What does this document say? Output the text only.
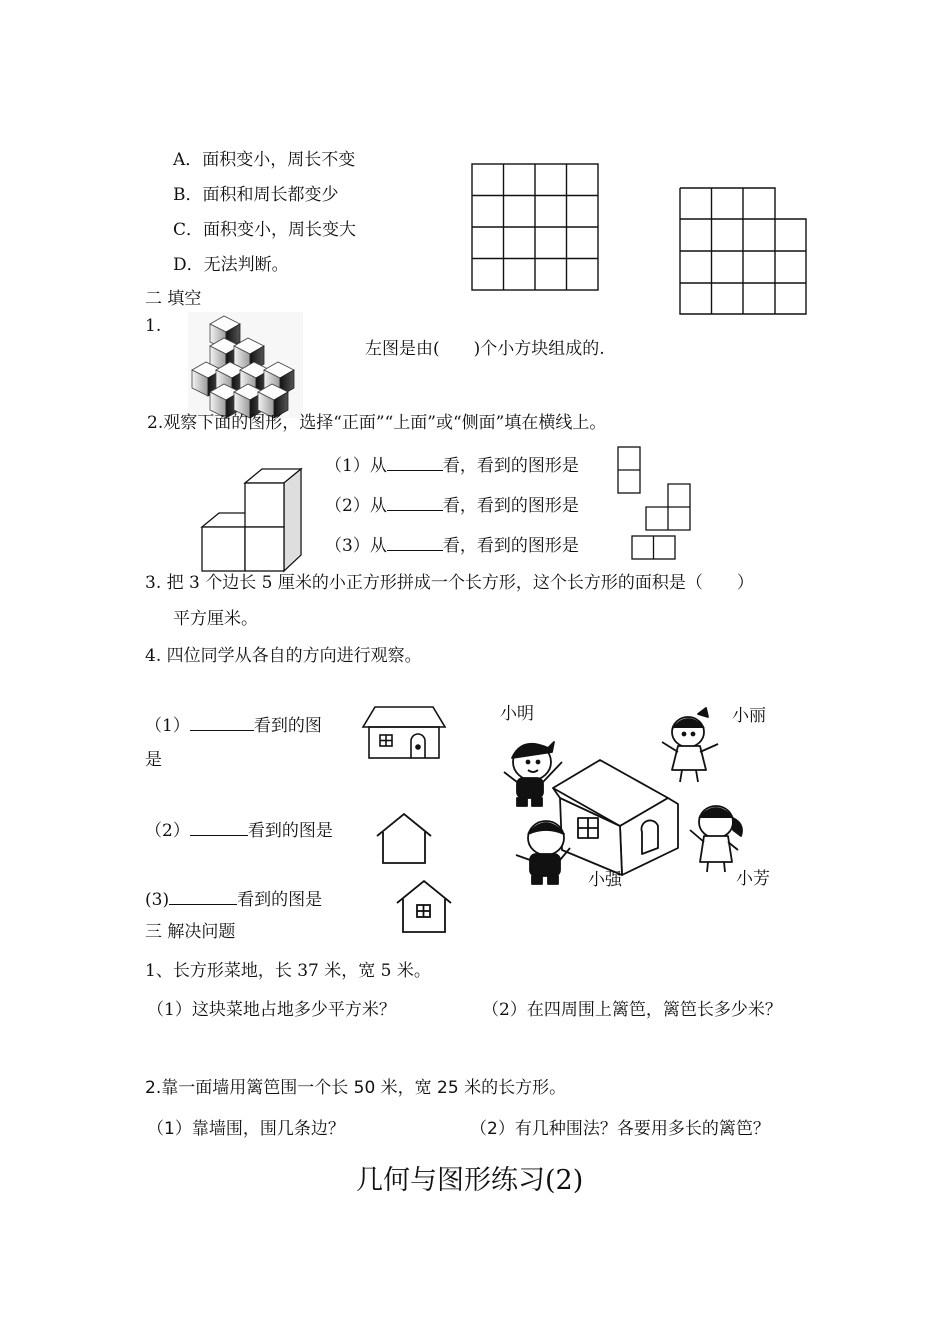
A．面积变小，周长不变
B．面积和周长都变少
C．面积变小，周长变大
D．无法判断。
二 填空
1.
左图是由(　　)个小方块组成的.
2.观察下面的图形，选择“正面”“上面”或“侧面”填在横线上。
（1）从	看，看到的图形是
（2）从	看，看到的图形是
（3）从	看，看到的图形是
3. 把 3 个边长 5 厘米的小正方形拼成一个长方形，这个长方形的面积是（　　）
平方厘米。
4. 四位同学从各自的方向进行观察。
（1）	看到的图
是
（2）	看到的图是
(3)	看到的图是
小明	小丽
小强	小芳
三 解决问题
1、长方形菜地，长 37 米，宽 5 米。
（1）这块菜地占地多少平方米？	（2）在四周围上篱笆，篱笆长多少米？
2.靠一面墙用篱笆围一个长 50 米，宽 25 米的长方形。
（1）靠墙围，围几条边？	（2）有几种围法？各要用多长的篱笆？
几何与图形练习(2)
